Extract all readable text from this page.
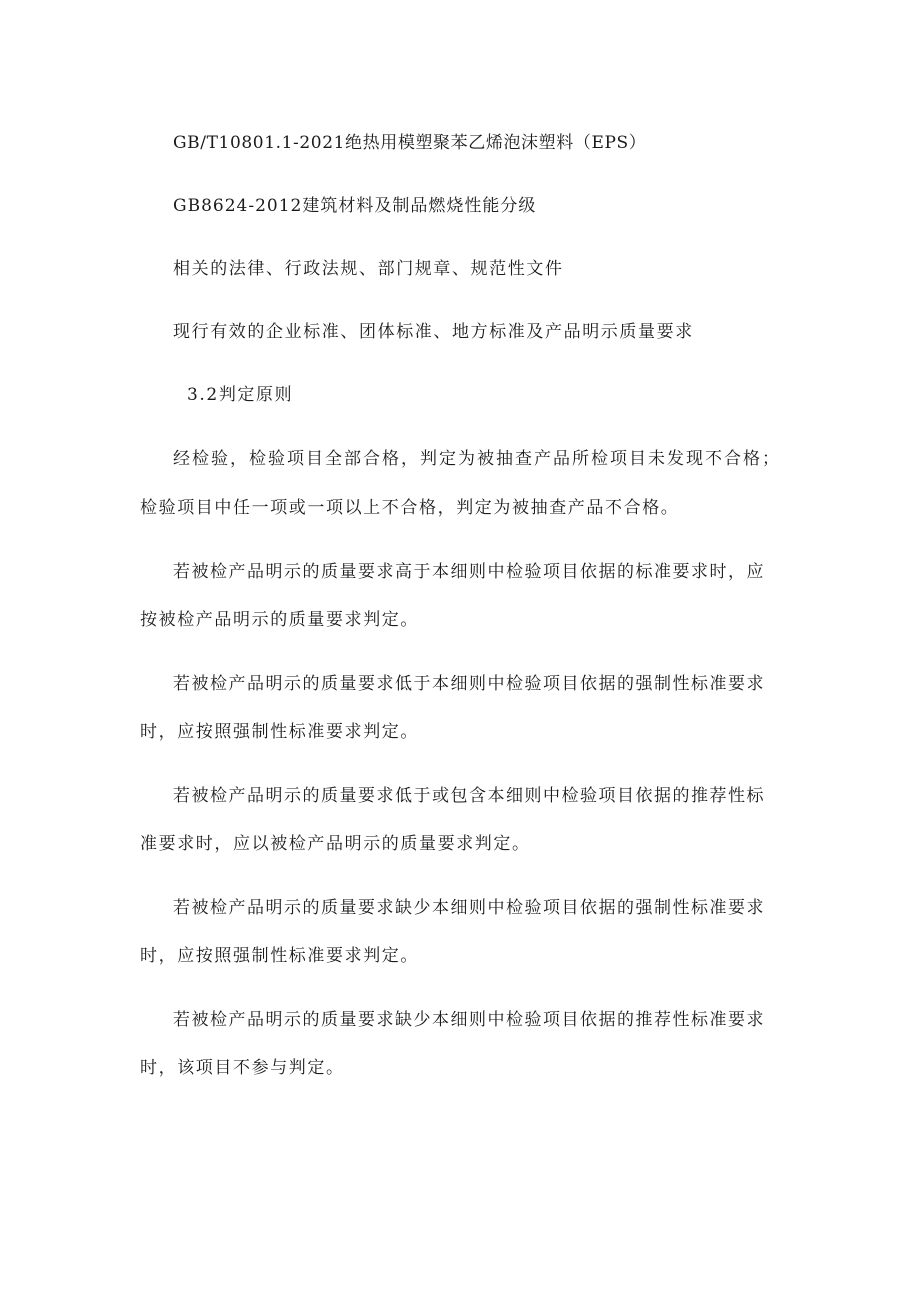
GB/T10801.1-2021绝热用模塑聚苯乙烯泡沫塑料（EPS）
GB8624-2012建筑材料及制品燃烧性能分级
相关的法律、行政法规、部门规章、规范性文件
现行有效的企业标准、团体标准、地方标准及产品明示质量要求
3.2判定原则
经检验，检验项目全部合格，判定为被抽查产品所检项目未发现不合格；
检验项目中任一项或一项以上不合格，判定为被抽查产品不合格。
若被检产品明示的质量要求高于本细则中检验项目依据的标准要求时，应
按被检产品明示的质量要求判定。
若被检产品明示的质量要求低于本细则中检验项目依据的强制性标准要求
时，应按照强制性标准要求判定。
若被检产品明示的质量要求低于或包含本细则中检验项目依据的推荐性标
准要求时，应以被检产品明示的质量要求判定。
若被检产品明示的质量要求缺少本细则中检验项目依据的强制性标准要求
时，应按照强制性标准要求判定。
若被检产品明示的质量要求缺少本细则中检验项目依据的推荐性标准要求
时，该项目不参与判定。
